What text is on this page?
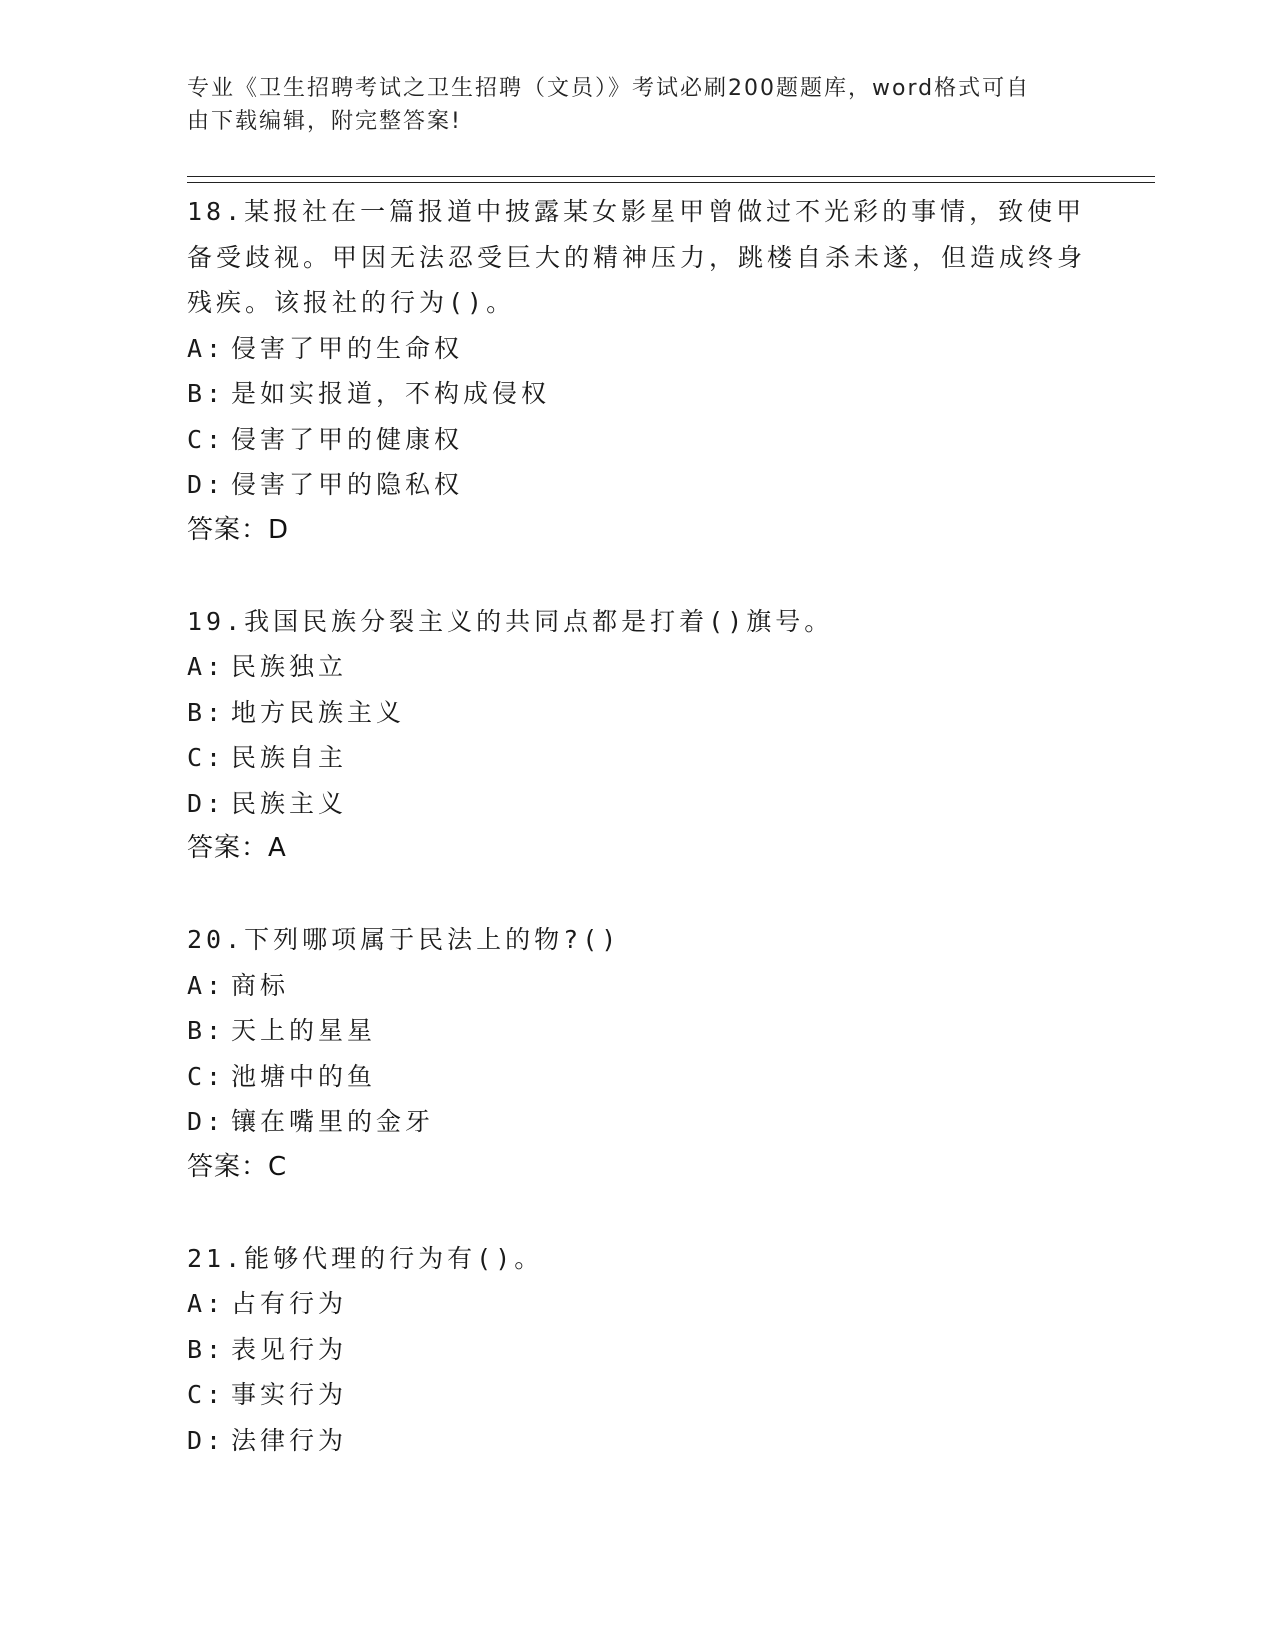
专业《卫生招聘考试之卫生招聘（文员）》考试必刷200题题库，word格式可自
由下载编辑，附完整答案!
18.某报社在一篇报道中披露某女影星甲曾做过不光彩的事情，致使甲备受歧视。甲因无法忍受巨大的精神压力，跳楼自杀未遂，但造成终身残疾。该报社的行为()。
A: 侵害了甲的生命权
B: 是如实报道，不构成侵权
C: 侵害了甲的健康权
D: 侵害了甲的隐私权
答案：D
19.我国民族分裂主义的共同点都是打着()旗号。
A: 民族独立
B: 地方民族主义
C: 民族自主
D: 民族主义
答案：A
20.下列哪项属于民法上的物?()
A: 商标
B: 天上的星星
C: 池塘中的鱼
D: 镶在嘴里的金牙
答案：C
21.能够代理的行为有()。
A: 占有行为
B: 表见行为
C: 事实行为
D: 法律行为
